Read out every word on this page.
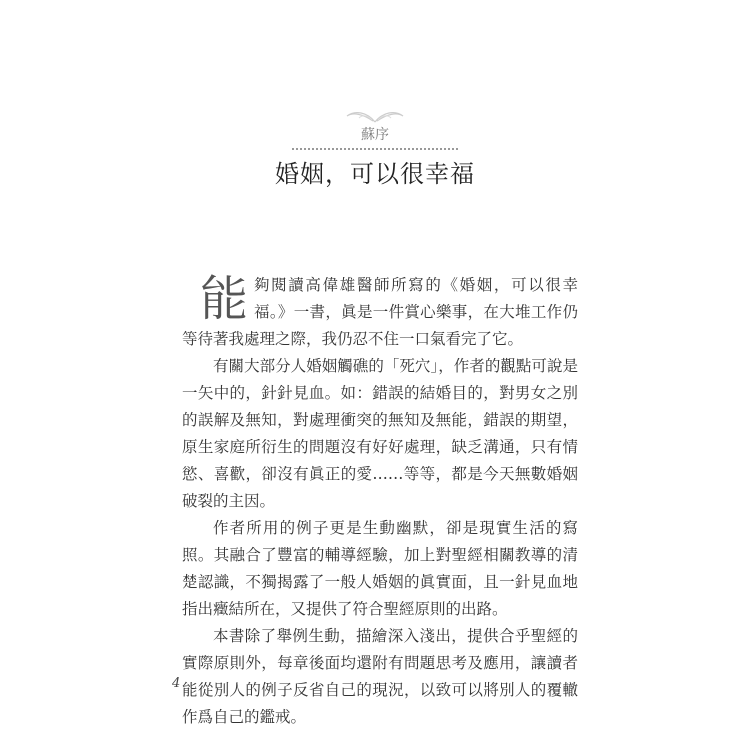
蘇序
婚姻，可以很幸福

能夠閱讀高偉雄醫師所寫的《婚姻，可以很幸福。》一書，眞是一件賞心樂事，在大堆工作仍等待著我處理之際，我仍忍不住一口氣看完了它。

有關大部分人婚姻觸礁的「死穴」，作者的觀點可說是一矢中的，針針見血。如：錯誤的結婚目的，對男女之別的誤解及無知，對處理衝突的無知及無能，錯誤的期望，原生家庭所衍生的問題沒有好好處理，缺乏溝通，只有情慾、喜歡，卻沒有眞正的愛……等等，都是今天無數婚姻破裂的主因。

作者所用的例子更是生動幽默，卻是現實生活的寫照。其融合了豐富的輔導經驗，加上對聖經相關教導的清楚認識，不獨揭露了一般人婚姻的眞實面，且一針見血地指出癥結所在，又提供了符合聖經原則的出路。

本書除了舉例生動，描繪深入淺出，提供合乎聖經的實際原則外，每章後面均還附有問題思考及應用，讓讀者能從別人的例子反省自己的現況，以致可以將別人的覆轍作爲自己的鑑戒。

4
